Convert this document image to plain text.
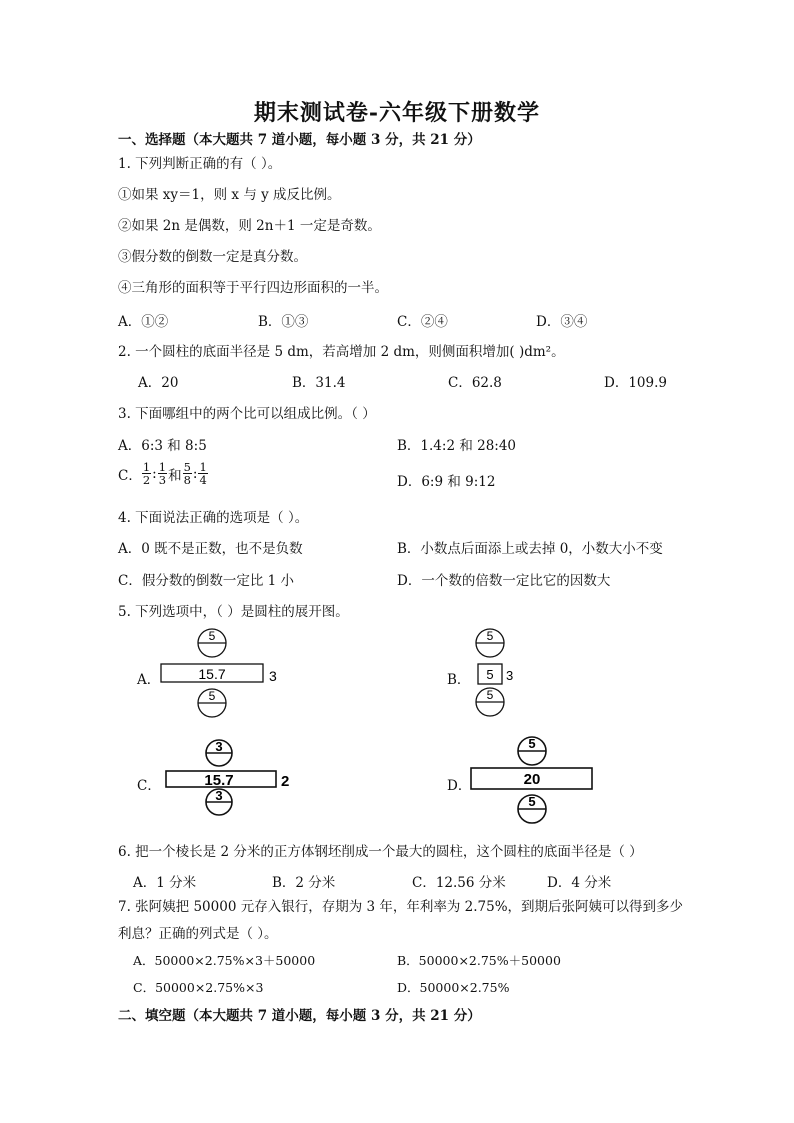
期末测试卷-六年级下册数学
一、选择题（本大题共 7 道小题，每小题 3 分，共 21 分）
1. 下列判断正确的有（ ）。
①如果 xy＝1，则 x 与 y 成反比例。
②如果 2n 是偶数，则 2n＋1 一定是奇数。
③假分数的倒数一定是真分数。
④三角形的面积等于平行四边形面积的一半。
A．①②	B．①③	C．②④	D．③④
2. 一个圆柱的底面半径是 5 dm，若高增加 2 dm，则侧面积增加( )dm²。
A．20	B．31.4	C．62.8	D．109.9
3. 下面哪组中的两个比可以组成比例。（ ）
A．6:3 和 8:5	B．1.4:2 和 28:40
C． $\frac{1}{2}$ : $\frac{1}{3}$ 和 $\frac{5}{8}$ : $\frac{1}{4}$	D．6:9 和 9:12
4. 下面说法正确的选项是（ ）。
A．0 既不是正数，也不是负数	B．小数点后面添上或去掉 0，小数大小不变
C．假分数的倒数一定比 1 小	D．一个数的倍数一定比它的因数大
5. 下列选项中，（ ）是圆柱的展开图。
A．
5
15.7	3
5
B．
5
5 3
5
C．
3
15.7	2
3
D．
5
20
5
6. 把一个棱长是 2 分米的正方体钢坯削成一个最大的圆柱，这个圆柱的底面半径是（ ）
A．1 分米	B．2 分米	C．12.56 分米	D．4 分米
7. 张阿姨把 50000 元存入银行，存期为 3 年，年利率为 2.75%，到期后张阿姨可以得到多少
利息？正确的列式是（ ）。
A．50000×2.75%×3＋50000	B．50000×2.75%＋50000
C．50000×2.75%×3	D．50000×2.75%
二、填空题（本大题共 7 道小题，每小题 3 分，共 21 分）
